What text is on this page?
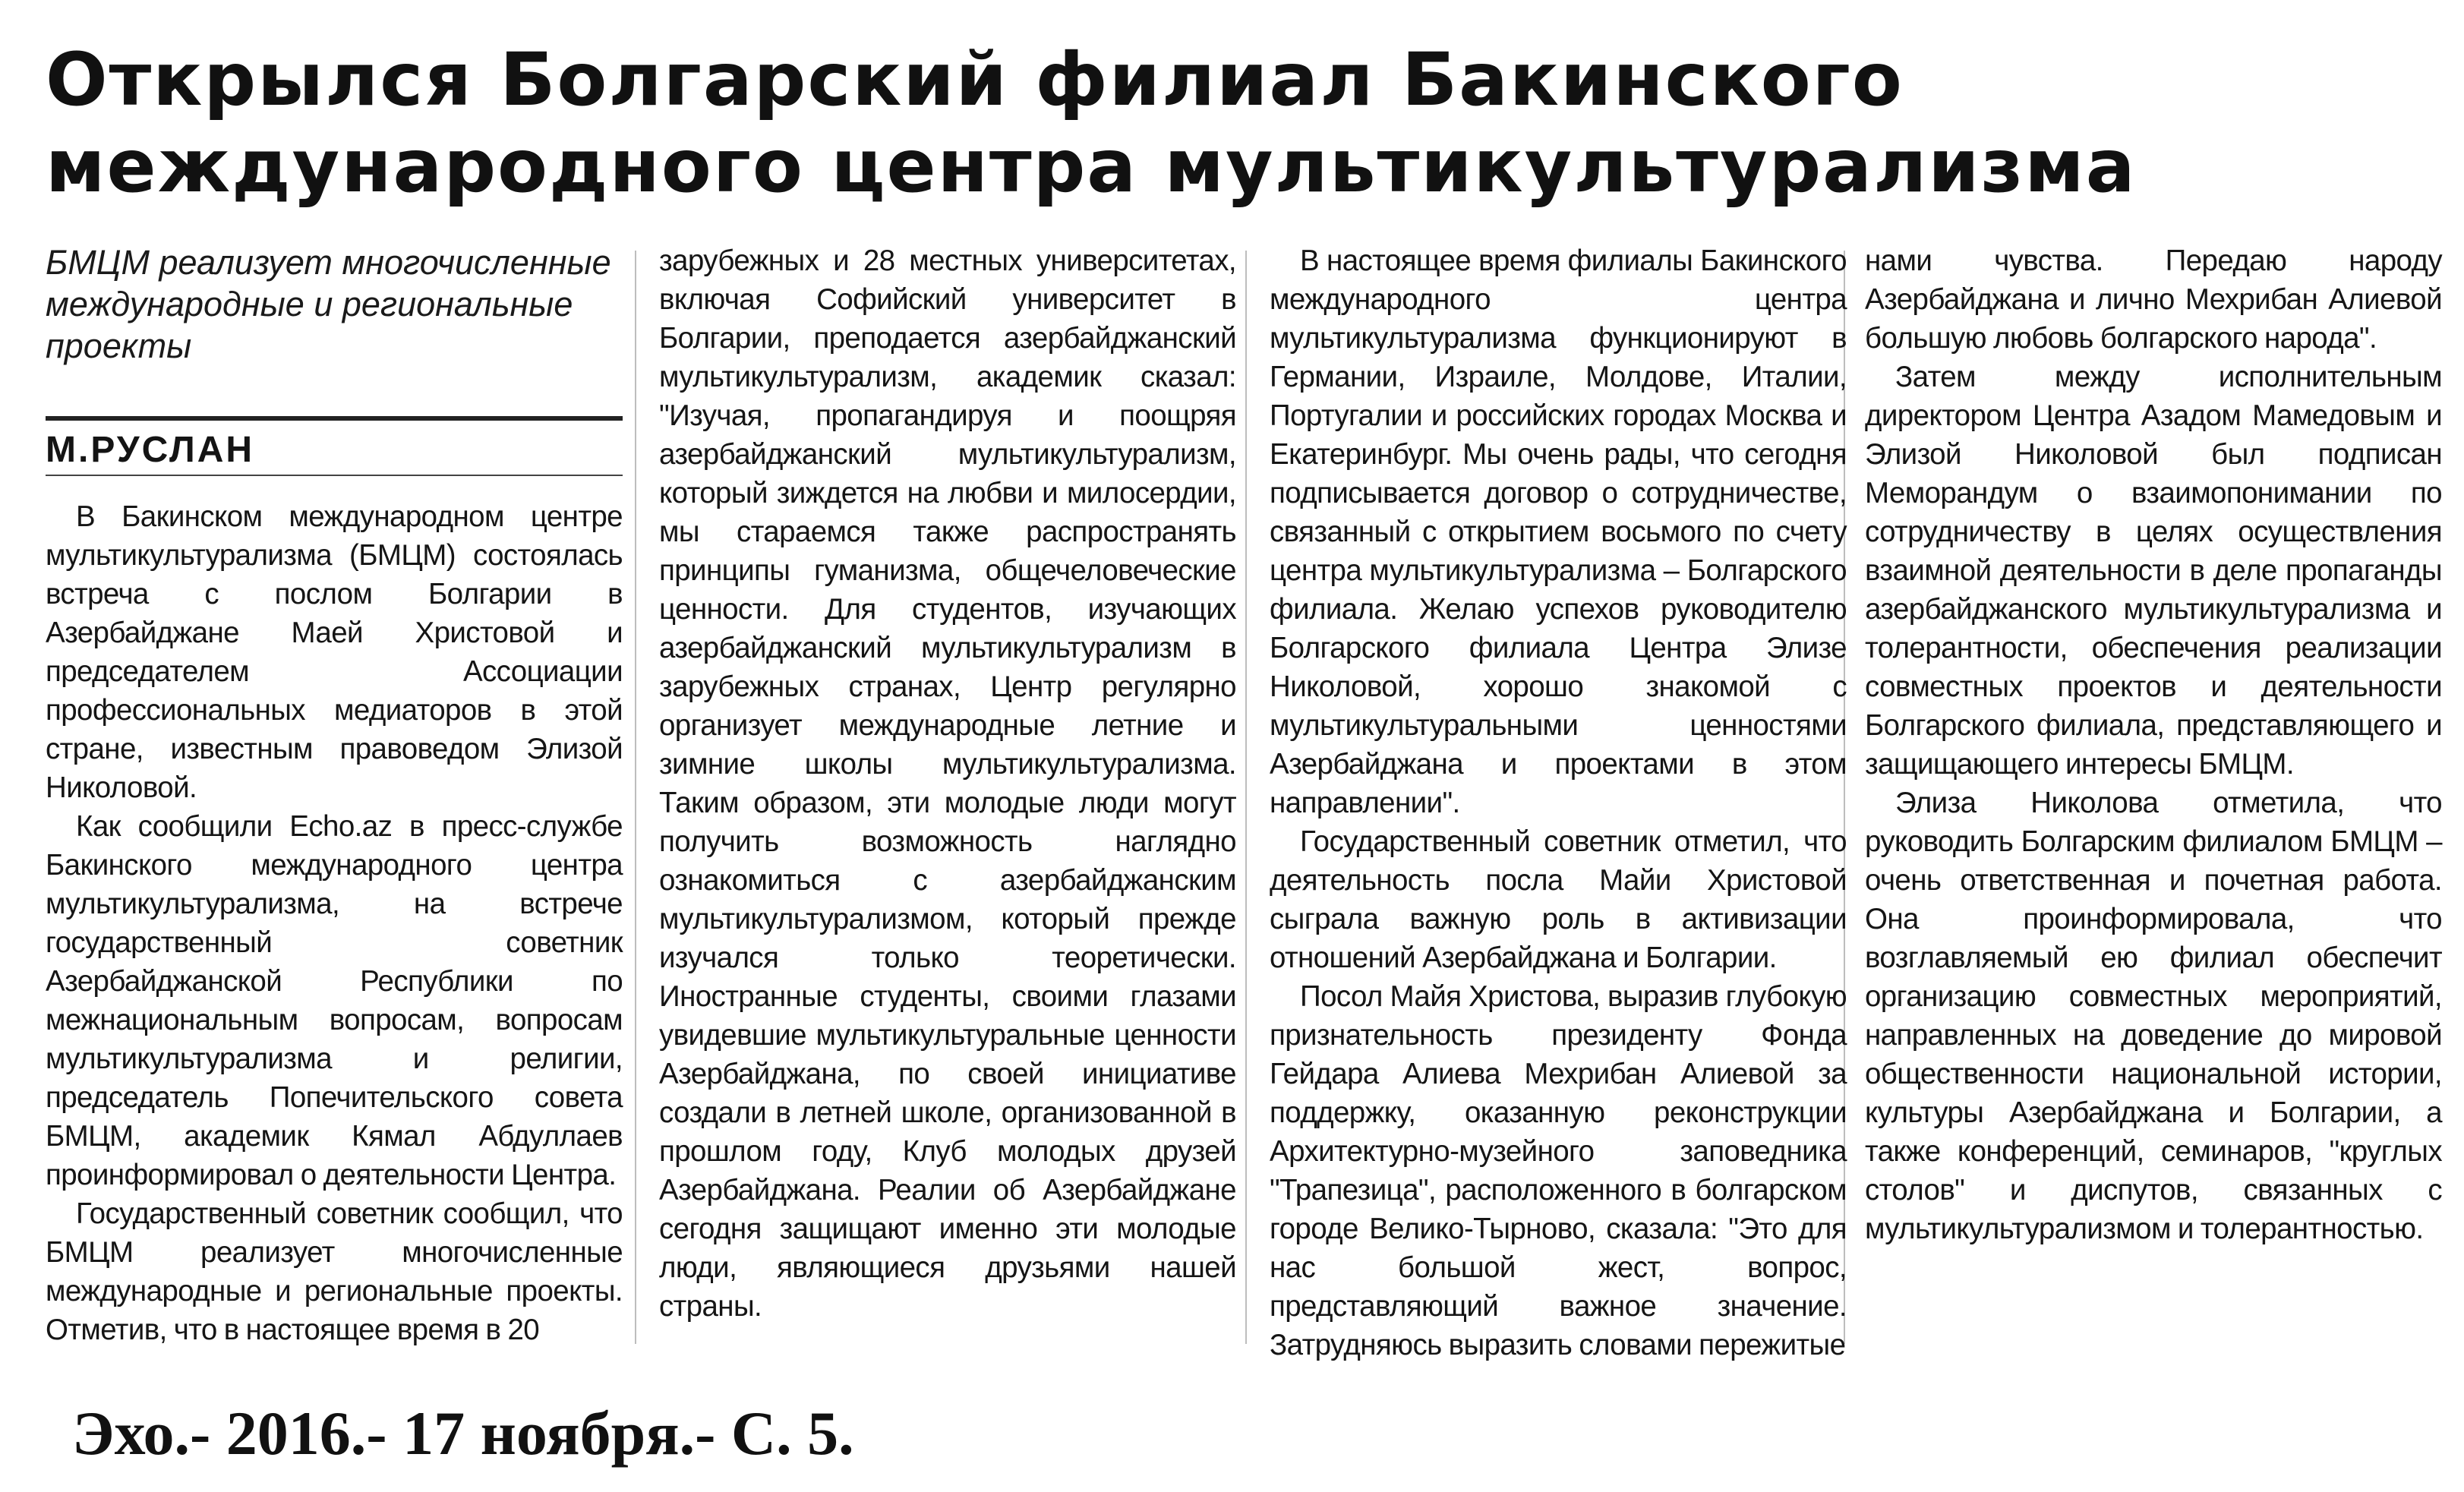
Открылся Болгарский филиал Бакинского
международного центра мультикультурализма
БМЦМ реализует многочисленные международные и региональные проекты
М.РУСЛАН

В Бакинском международном центре мультикультурализма (БМЦМ) состоялась встреча с послом Болгарии в Азербайджане Маей Христовой и председателем Ассоциации профессиональных медиаторов в этой стране, известным правоведом Элизой Николовой.

Как сообщили Echo.az в пресс-службе Бакинского международного центра мультикультурализма, на встрече государственный советник Азербайджанской Республики по межнациональным вопросам, вопросам мультикультурализма и религии, председатель Попечительского совета БМЦМ, академик Кямал Абдуллаев проинформировал о деятельности Центра.

Государственный советник сообщил, что БМЦМ реализует многочисленные международные и региональные проекты. Отметив, что в настоящее время в 20

зарубежных и 28 местных университетах, включая Софийский университет в Болгарии, преподается азербайджанский мультикультурализм, академик сказал: "Изучая, пропагандируя и поощряя азербайджанский мультикультурализм, который зиждется на любви и милосердии, мы стараемся также распространять принципы гуманизма, общечеловеческие ценности. Для студентов, изучающих азербайджанский мультикультурализм в зарубежных странах, Центр регулярно организует международные летние и зимние школы мультикультурализма. Таким образом, эти молодые люди могут получить возможность наглядно ознакомиться с азербайджанским мультикультурализмом, который прежде изучался только теоретически. Иностранные студенты, своими глазами увидевшие мультикультуральные ценности Азербайджана, по своей инициативе создали в летней школе, организованной в прошлом году, Клуб молодых друзей Азербайджана. Реалии об Азербайджане сегодня защищают именно эти молодые люди, являющиеся друзьями нашей страны.

В настоящее время филиалы Бакинского международного центра мультикультурализма функционируют в Германии, Израиле, Молдове, Италии, Португалии и российских городах Москва и Екатеринбург. Мы очень рады, что сегодня подписывается договор о сотрудничестве, связанный с открытием восьмого по счету центра мультикультурализма – Болгарского филиала. Желаю успехов руководителю Болгарского филиала Центра Элизе Николовой, хорошо знакомой с мультикультуральными ценностями Азербайджана и проектами в этом направлении".

Государственный советник отметил, что деятельность посла Майи Христовой сыграла важную роль в активизации отношений Азербайджана и Болгарии.

Посол Майя Христова, выразив глубокую признательность президенту Фонда Гейдара Алиева Мехрибан Алиевой за поддержку, оказанную реконструкции Архитектурно-музейного заповедника "Трапезица", расположенного в болгарском городе Велико-Тырново, сказала: "Это для нас большой жест, вопрос, представляющий важное значение. Затрудняюсь выразить словами пережитые

нами чувства. Передаю народу Азербайджана и лично Мехрибан Алиевой большую любовь болгарского народа".

Затем между исполнительным директором Центра Азадом Мамедовым и Элизой Николовой был подписан Меморандум о взаимопонимании по сотрудничеству в целях осуществления взаимной деятельности в деле пропаганды азербайджанского мультикультурализма и толерантности, обеспечения реализации совместных проектов и деятельности Болгарского филиала, представляющего и защищающего интересы БМЦМ.

Элиза Николова отметила, что руководить Болгарским филиалом БМЦМ – очень ответственная и почетная работа. Она проинформировала, что возглавляемый ею филиал обеспечит организацию совместных мероприятий, направленных на доведение до мировой общественности национальной истории, культуры Азербайджана и Болгарии, а также конференций, семинаров, "круглых столов" и диспутов, связанных с мультикультурализмом и толерантностью.

Эхо.- 2016.- 17 ноября.- С. 5.
